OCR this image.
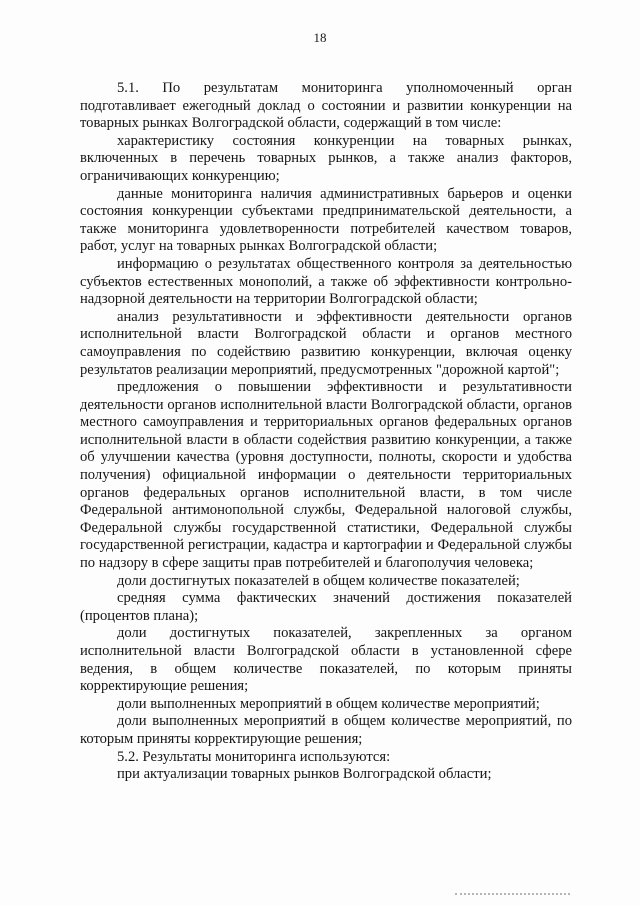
18

5.1. По результатам мониторинга уполномоченный орган подготавливает ежегодный доклад о состоянии и развитии конкуренции на товарных рынках Волгоградской области, содержащий в том числе:

характеристику состояния конкуренции на товарных рынках, включенных в перечень товарных рынков, а также анализ факторов, ограничивающих конкуренцию;

данные мониторинга наличия административных барьеров и оценки состояния конкуренции субъектами предпринимательской деятельности, а также мониторинга удовлетворенности потребителей качеством товаров, работ, услуг на товарных рынках Волгоградской области;

информацию о результатах общественного контроля за деятельностью субъектов естественных монополий, а также об эффективности контрольно-надзорной деятельности на территории Волгоградской области;

анализ результативности и эффективности деятельности органов исполнительной власти Волгоградской области и органов местного самоуправления по содействию развитию конкуренции, включая оценку результатов реализации мероприятий, предусмотренных "дорожной картой";

предложения о повышении эффективности и результативности деятельности органов исполнительной власти Волгоградской области, органов местного самоуправления и территориальных органов федеральных органов исполнительной власти в области содействия развитию конкуренции, а также об улучшении качества (уровня доступности, полноты, скорости и удобства получения) официальной информации о деятельности территориальных органов федеральных органов исполнительной власти, в том числе Федеральной антимонопольной службы, Федеральной налоговой службы, Федеральной службы государственной статистики, Федеральной службы государственной регистрации, кадастра и картографии и Федеральной службы по надзору в сфере защиты прав потребителей и благополучия человека;

доли достигнутых показателей в общем количестве показателей;

средняя сумма фактических значений достижения показателей (процентов плана);

доли достигнутых показателей, закрепленных за органом исполнительной власти Волгоградской области в установленной сфере ведения, в общем количестве показателей, по которым приняты корректирующие решения;

доли выполненных мероприятий в общем количестве мероприятий;

доли выполненных мероприятий в общем количестве мероприятий, по которым приняты корректирующие решения;

5.2. Результаты мониторинга используются:

при актуализации товарных рынков Волгоградской области;
